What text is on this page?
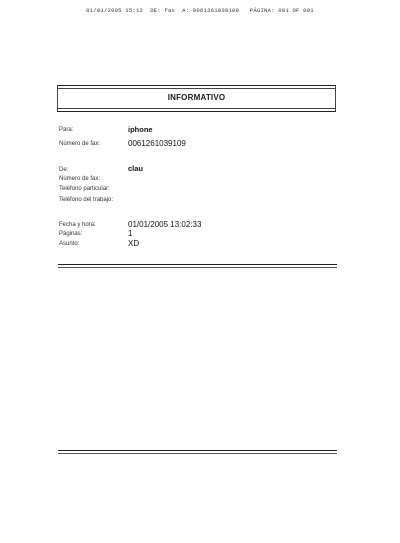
01/01/2005 15:12  DE: fax  A: 0061261039109   PÁGINA: 001 OF 001
INFORMATIVO
Para:	iphone
Número de fax:	0061261039109
De:	clau
Número de fax:
Teléfono particular:
Teléfono del trabajo:
Fecha y hora:	01/01/2005 13:02:33
Páginas:	1
Asunto:	XD
